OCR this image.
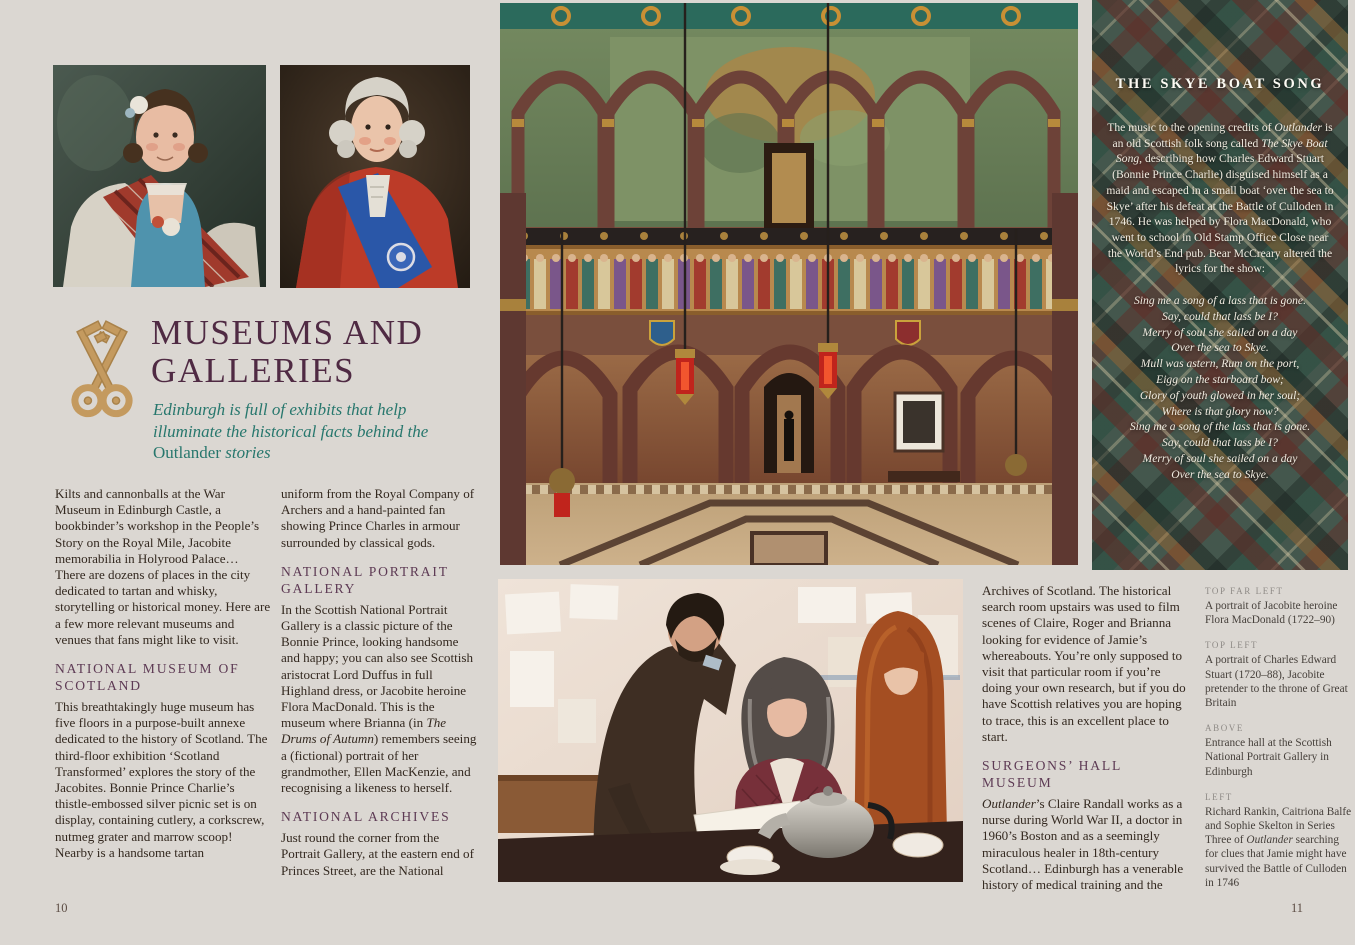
THE SKYE BOAT SONG
The music to the opening credits of Outlander is an old Scottish folk song called The Skye Boat Song, describing how Charles Edward Stuart (Bonnie Prince Charlie) disguised himself as a maid and escaped in a small boat ‘over the sea to Skye’ after his defeat at the Battle of Culloden in 1746. He was helped by Flora MacDonald, who went to school in Old Stamp Office Close near the World’s End pub. Bear McCreary altered the lyrics for the show:
Sing me a song of a lass that is gone.
Say, could that lass be I?
Merry of soul she sailed on a day
Over the sea to Skye.
Mull was astern, Rum on the port,
Eigg on the starboard bow;
Glory of youth glowed in her soul;
Where is that glory now?
Sing me a song of the lass that is gone.
Say, could that lass be I?
Merry of soul she sailed on a day
Over the sea to Skye.
MUSEUMS AND
GALLERIES
Edinburgh is full of exhibits that help illuminate the historical facts behind the Outlander stories

Kilts and cannonballs at the War Museum in Edinburgh Castle, a bookbinder’s workshop in the People’s Story on the Royal Mile, Jacobite memorabilia in Holyrood Palace… There are dozens of places in the city dedicated to tartan and whisky, storytelling or historical money. Here are a few more relevant museums and venues that fans might like to visit.

NATIONAL MUSEUM OF SCOTLAND

This breathtakingly huge museum has five floors in a purpose-built annexe dedicated to the history of Scotland. The third-floor exhibition ‘Scotland Transformed’ explores the story of the Jacobites. Bonnie Prince Charlie’s thistle-embossed silver picnic set is on display, containing cutlery, a corkscrew, nutmeg grater and marrow scoop! Nearby is a handsome tartan

uniform from the Royal Company of Archers and a hand-painted fan showing Prince Charles in armour surrounded by classical gods.

NATIONAL PORTRAIT GALLERY

In the Scottish National Portrait Gallery is a classic picture of the Bonnie Prince, looking handsome and happy; you can also see Scottish aristocrat Lord Duffus in full Highland dress, or Jacobite heroine Flora MacDonald. This is the museum where Brianna (in The Drums of Autumn) remembers seeing a (fictional) portrait of her grandmother, Ellen MacKenzie, and recognising a likeness to herself.

NATIONAL ARCHIVES

Just round the corner from the Portrait Gallery, at the eastern end of Princes Street, are the National

Archives of Scotland. The historical search room upstairs was used to film scenes of Claire, Roger and Brianna looking for evidence of Jamie’s whereabouts. You’re only supposed to visit that particular room if you’re doing your own research, but if you do have Scottish relatives you are hoping to trace, this is an excellent place to start.

SURGEONS’ HALL MUSEUM

Outlander’s Claire Randall works as a nurse during World War II, a doctor in 1960’s Boston and as a seemingly miraculous healer in 18th-century Scotland… Edinburgh has a venerable history of medical training and the

TOP FAR LEFT
A portrait of Jacobite heroine Flora MacDonald (1722–90)
TOP LEFT
A portrait of Charles Edward Stuart (1720–88), Jacobite pretender to the throne of Great Britain
ABOVE
Entrance hall at the Scottish National Portrait Gallery in Edinburgh
LEFT
Richard Rankin, Caitriona Balfe and Sophie Skelton in Series Three of Outlander searching for clues that Jamie might have survived the Battle of Culloden in 1746
10	11
